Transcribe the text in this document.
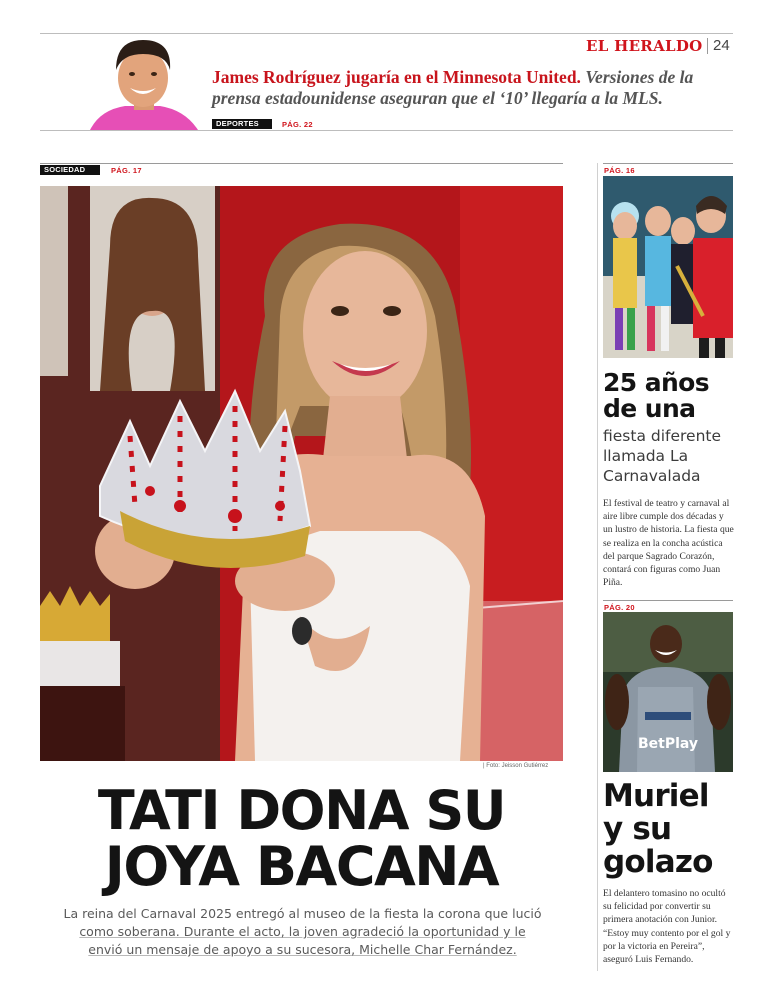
EL HERALDO 24
James Rodríguez jugaría en el Minnesota United. Versiones de la prensa estadounidense aseguran que el ‘10’ llegaría a la MLS.
DEPORTES	PÁG. 22
SOCIEDAD	PÁG. 17
| Foto: Jeisson Gutiérrez
TATI DONA SU
JOYA BACANA
La reina del Carnaval 2025 entregó al museo de la fiesta la corona que lució
como soberana. Durante el acto, la joven agradeció la oportunidad y le
envió un mensaje de apoyo a su sucesora, Michelle Char Fernández.
PÁG. 16
25 años de una
fiesta diferente llamada La Carnavalada
El festival de teatro y carnaval al aire libre cumple dos décadas y un lustro de historia. La fiesta que se realiza en la concha acústica del parque Sagrado Corazón, contará con figuras como Juan Piña.
PÁG. 20
BetPlay
Muriel y su golazo
El delantero tomasino no ocultó su felicidad por convertir su primera anotación con Junior. “Estoy muy contento por el gol y por la victoria en Pereira”, aseguró Luis Fernando.
